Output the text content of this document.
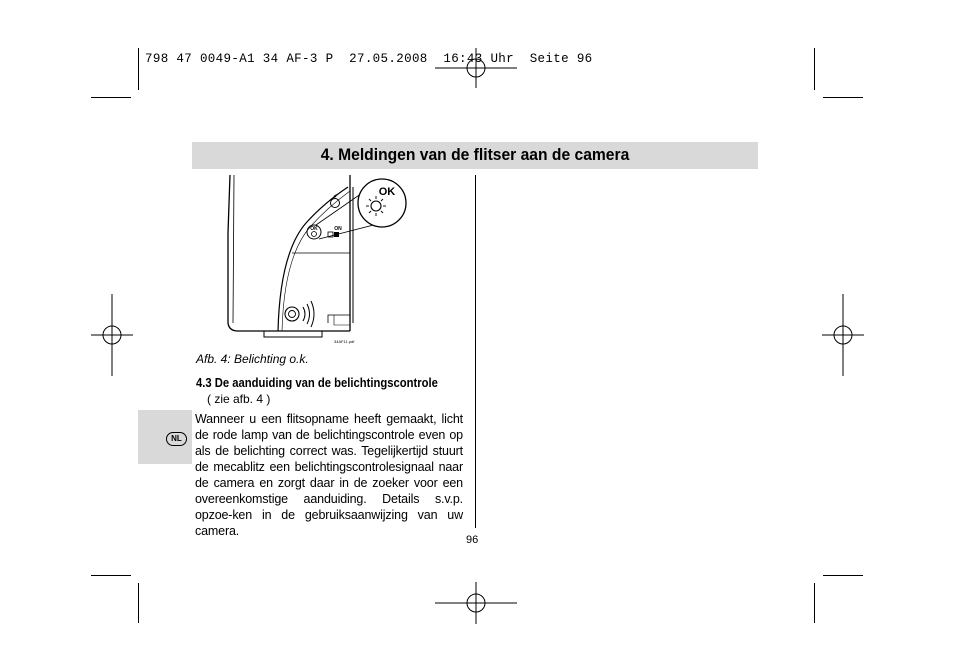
798 47 0049-A1 34 AF-3 P  27.05.2008  16:43 Uhr  Seite 96
4. Meldingen van de flitser aan de camera
⚡
OK	ON
OK
34AF11.pdf
Afb. 4: Belichting o.k.
4.3 De aanduiding van de belichtingscontrole
( zie afb. 4 )
Wanneer u een flitsopname heeft gemaakt, licht de rode lamp van de belichtingscontrole even op als de belichting correct was. Tegelijkertijd stuurt de mecablitz een belichtingscontrolesignaal naar de camera en zorgt daar in de zoeker voor een overeenkomstige aanduiding. Details s.v.p. opzoe-ken in de gebruiksaanwijzing van uw camera.
NL
96
